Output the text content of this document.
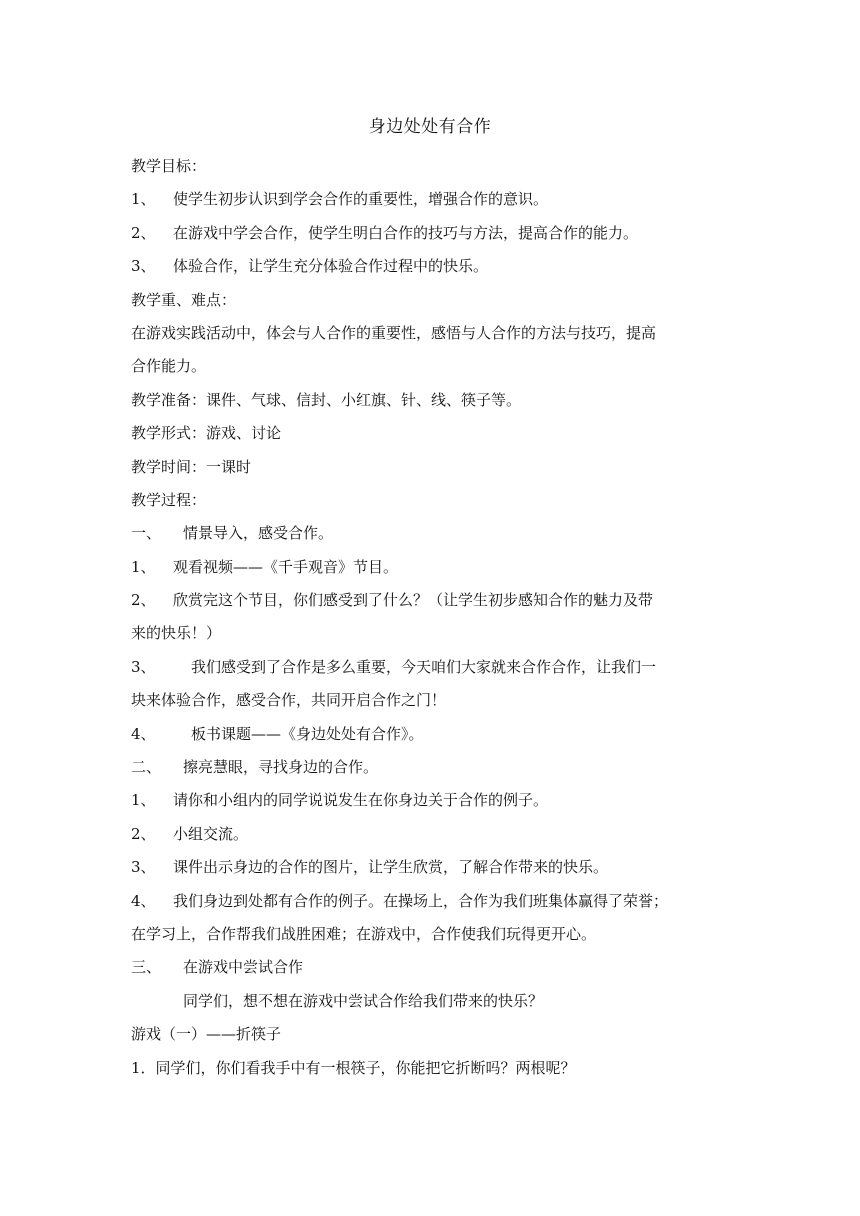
身边处处有合作
教学目标：
1、 使学生初步认识到学会合作的重要性，增强合作的意识。
2、 在游戏中学会合作，使学生明白合作的技巧与方法，提高合作的能力。
3、 体验合作，让学生充分体验合作过程中的快乐。
教学重、难点：
在游戏实践活动中，体会与人合作的重要性，感悟与人合作的方法与技巧，提高
合作能力。
教学准备：课件、气球、信封、小红旗、针、线、筷子等。
教学形式：游戏、讨论
教学时间：一课时
教学过程：
一、 情景导入，感受合作。
1、 观看视频——《千手观音》节目。
2、 欣赏完这个节目，你们感受到了什么？（让学生初步感知合作的魅力及带
来的快乐！）
3、 我们感受到了合作是多么重要，今天咱们大家就来合作合作，让我们一
块来体验合作，感受合作，共同开启合作之门！
4、 板书课题——《身边处处有合作》。
二、 擦亮慧眼，寻找身边的合作。
1、 请你和小组内的同学说说发生在你身边关于合作的例子。
2、 小组交流。
3、 课件出示身边的合作的图片，让学生欣赏，了解合作带来的快乐。
4、 我们身边到处都有合作的例子。在操场上，合作为我们班集体赢得了荣誉；
在学习上，合作帮我们战胜困难；在游戏中，合作使我们玩得更开心。
三、 在游戏中尝试合作
同学们，想不想在游戏中尝试合作给我们带来的快乐？
游戏（一）——折筷子
1．同学们，你们看我手中有一根筷子，你能把它折断吗？两根呢？
